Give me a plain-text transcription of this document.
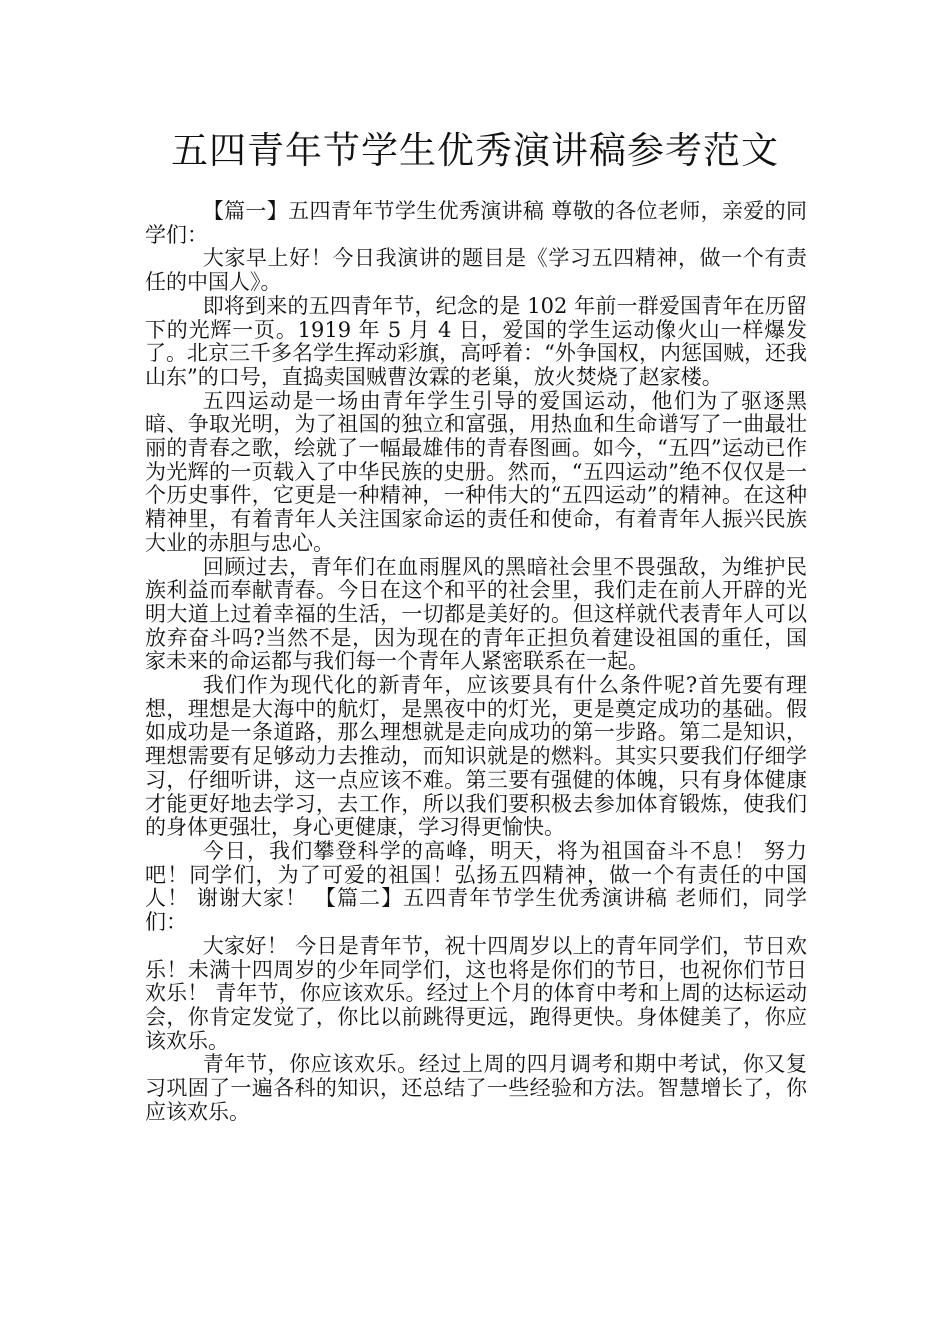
五四青年节学生优秀演讲稿参考范文

【篇一】五四青年节学生优秀演讲稿 尊敬的各位老师，亲爱的同学们：

大家早上好！今日我演讲的题目是《学习五四精神，做一个有责任的中国人》。

即将到来的五四青年节，纪念的是 102 年前一群爱国青年在历留下的光辉一页。1919 年 5 月 4 日，爱国的学生运动像火山一样爆发了。北京三千多名学生挥动彩旗，高呼着：“外争国权，内惩国贼，还我山东”的口号，直捣卖国贼曹汝霖的老巢，放火焚烧了赵家楼。

五四运动是一场由青年学生引导的爱国运动，他们为了驱逐黑暗、争取光明，为了祖国的独立和富强，用热血和生命谱写了一曲最壮丽的青春之歌，绘就了一幅最雄伟的青春图画。如今，“五四”运动已作为光辉的一页载入了中华民族的史册。然而，“五四运动”绝不仅仅是一个历史事件，它更是一种精神，一种伟大的“五四运动”的精神。在这种精神里，有着青年人关注国家命运的责任和使命，有着青年人振兴民族大业的赤胆与忠心。

回顾过去，青年们在血雨腥风的黑暗社会里不畏强敌，为维护民族利益而奉献青春。今日在这个和平的社会里，我们走在前人开辟的光明大道上过着幸福的生活，一切都是美好的。但这样就代表青年人可以放弃奋斗吗?当然不是，因为现在的青年正担负着建设祖国的重任，国家未来的命运都与我们每一个青年人紧密联系在一起。

我们作为现代化的新青年，应该要具有什么条件呢?首先要有理想，理想是大海中的航灯，是黑夜中的灯光，更是奠定成功的基础。假如成功是一条道路，那么理想就是走向成功的第一步路。第二是知识，理想需要有足够动力去推动，而知识就是的燃料。其实只要我们仔细学习，仔细听讲，这一点应该不难。第三要有强健的体魄，只有身体健康才能更好地去学习，去工作，所以我们要积极去参加体育锻炼，使我们的身体更强壮，身心更健康，学习得更愉快。

今日，我们攀登科学的高峰，明天，将为祖国奋斗不息！ 努力吧！同学们，为了可爱的祖国！弘扬五四精神，做一个有责任的中国人！ 谢谢大家！ 【篇二】五四青年节学生优秀演讲稿 老师们，同学们：

大家好！ 今日是青年节，祝十四周岁以上的青年同学们，节日欢乐！未满十四周岁的少年同学们，这也将是你们的节日，也祝你们节日欢乐！ 青年节，你应该欢乐。经过上个月的体育中考和上周的达标运动会，你肯定发觉了，你比以前跳得更远，跑得更快。身体健美了，你应该欢乐。

青年节，你应该欢乐。经过上周的四月调考和期中考试，你又复习巩固了一遍各科的知识，还总结了一些经验和方法。智慧增长了，你应该欢乐。
